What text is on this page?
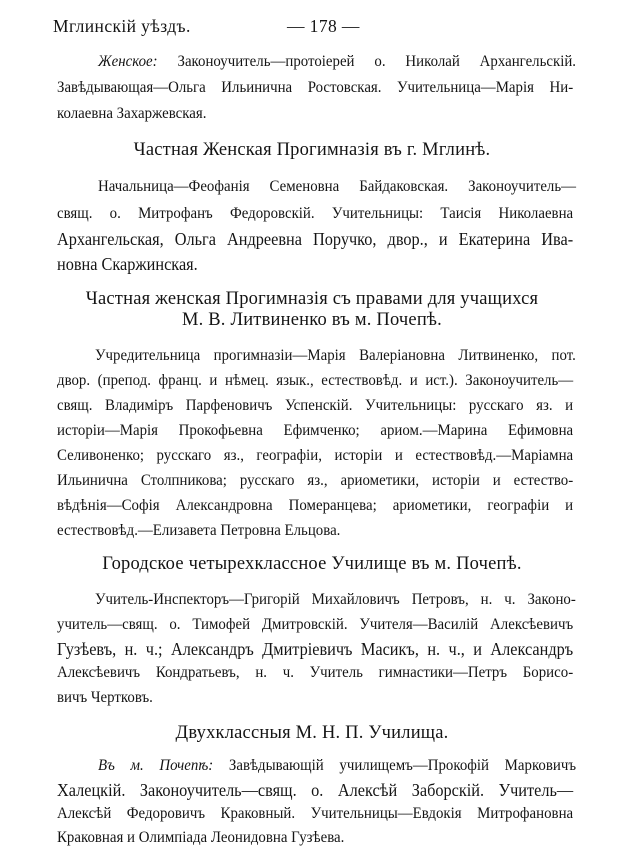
Мглинскій уѣздъ.	— 178 —
Женское: Законоучитель—протоіерей о. Николай Архангельскій.
Завѣдывающая—Ольга Ильинична Ростовская. Учительница—Марія Ни-
колаевна Захаржевская.
Частная Женская Прогимназія въ г. Мглинѣ.
Начальница—Феофанія Семеновна Байдаковская. Законоучитель—
свящ. о. Митрофанъ Федоровскій. Учительницы: Таисія Николаевна
Архангельская, Ольга Андреевна Поручко, двор., и Екатерина Ива-
новна Скаржинская.
Частная женская Прогимназія съ правами для учащихся
М. В. Литвиненко въ м. Почепѣ.
Учредительница прогимназіи—Марія Валеріановна Литвиненко, пот.
двор. (препод. франц. и нѣмец. язык., естествовѣд. и ист.). Законоучитель—
свящ. Владиміръ Парфеновичъ Успенскій. Учительницы: русскаго яз. и
исторіи—Марія Прокофьевна Ефимченко; ариом.—Марина Ефимовна
Селивоненко; русскаго яз., географіи, исторіи и естествовѣд.—Маріамна
Ильинична Столпникова; русскаго яз., ариометики, исторіи и естество-
вѣдѣнія—Софія Александровна Померанцева; ариометики, географіи и
естествовѣд.—Елизавета Петровна Ельцова.
Городское четырехклассное Училище въ м. Почепѣ.
Учитель-Инспекторъ—Григорій Михайловичъ Петровъ, н. ч. Законо-
учитель—свящ. о. Тимофей Дмитровскій. Учителя—Василій Алексѣевичъ
Гузѣевъ, н. ч.; Александръ Дмитріевичъ Масикъ, н. ч., и Александръ
Алексѣевичъ Кондратьевъ, н. ч. Учитель гимнастики—Петръ Борисо-
вичъ Чертковъ.
Двухклассныя М. Н. П. Училища.
Въ м. Почепѣ: Завѣдывающій училищемъ—Прокофій Марковичъ
Халецкій. Законоучитель—свящ. о. Алексѣй Заборскій. Учитель—
Алексѣй Федоровичъ Краковный. Учительницы—Евдокія Митрофановна
Краковная и Олимпіада Леонидовна Гузѣева.
